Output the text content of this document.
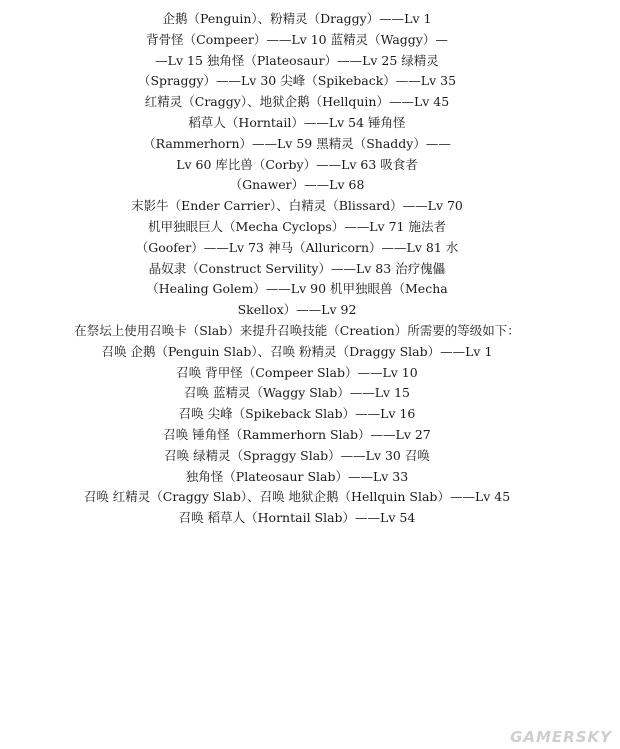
企鹅（Penguin）、粉精灵（Draggy）——Lv 1
背骨怪（Compeer）——Lv 10 蓝精灵（Waggy）—
—Lv 15 独角怪（Plateosaur）——Lv 25 绿精灵
（Spraggy）——Lv 30 尖峰（Spikeback）——Lv 35
红精灵（Craggy）、地狱企鹅（Hellquin）——Lv 45
稻草人（Horntail）——Lv 54 锤角怪
（Rammerhorn）——Lv 59 黑精灵（Shaddy）——
Lv 60 库比兽（Corby）——Lv 63 吸食者
（Gnawer）——Lv 68
末影牛（Ender Carrier）、白精灵（Blissard）——Lv 70
机甲独眼巨人（Mecha Cyclops）——Lv 71 施法者
（Goofer）——Lv 73 神马（Alluricorn）——Lv 81 水
晶奴隶（Construct Servility）——Lv 83 治疗傀儡
（Healing Golem）——Lv 90 机甲独眼兽（Mecha
Skellox）——Lv 92
在祭坛上使用召唤卡（Slab）来提升召唤技能（Creation）所需要的等级如下：
召唤 企鹅（Penguin Slab）、召唤 粉精灵（Draggy Slab）——Lv 1
召唤 背甲怪（Compeer Slab）——Lv 10
召唤 蓝精灵（Waggy Slab）——Lv 15
召唤 尖峰（Spikeback Slab）——Lv 16
召唤 锤角怪（Rammerhorn Slab）——Lv 27
召唤 绿精灵（Spraggy Slab）——Lv 30 召唤
独角怪（Plateosaur Slab）——Lv 33
召唤 红精灵（Craggy Slab）、召唤 地狱企鹅（Hellquin Slab）——Lv 45
召唤 稻草人（Horntail Slab）——Lv 54
GAMERSKY
